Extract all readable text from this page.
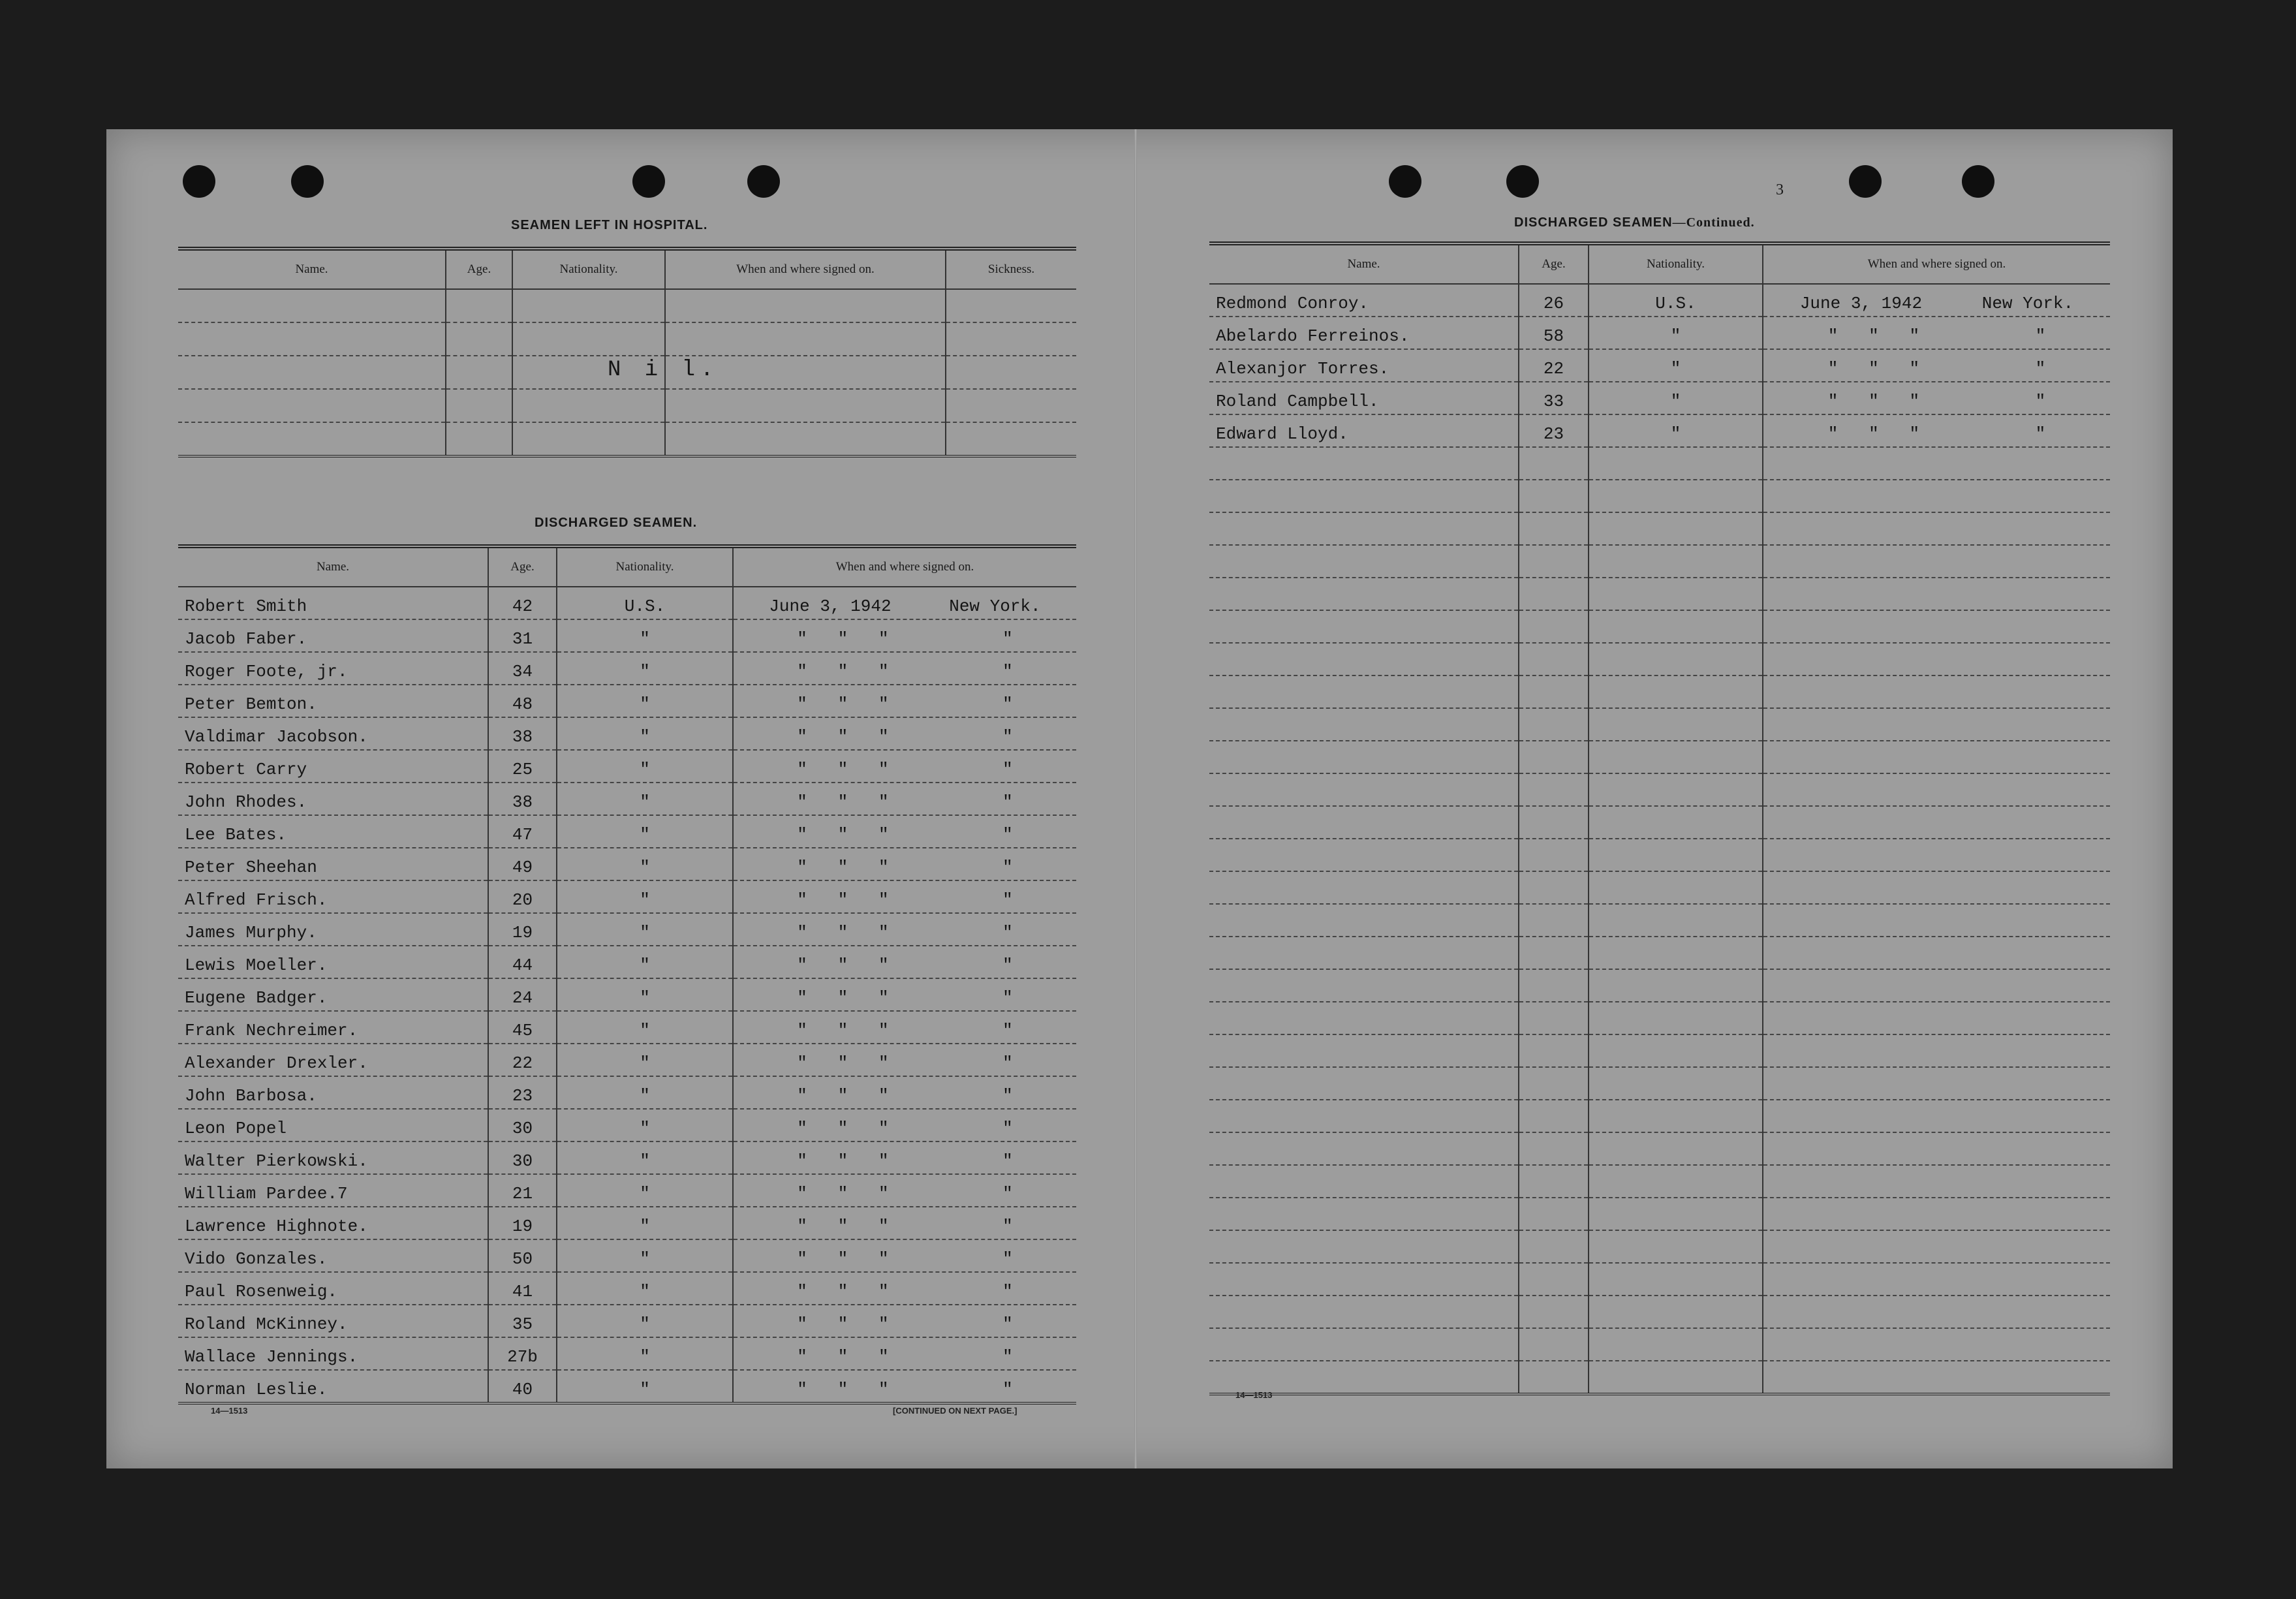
SEAMEN LEFT IN HOSPITAL.
Name.	Age.	Nationality.	When and where signed on.	Sickness.

N i l.
DISCHARGED SEAMEN.
Name.	Age.	Nationality.	When and where signed on.
Robert Smith	42	U.S.	June 3, 1942 New York.

Jacob Faber.	31	"	"   "   " "

Roger Foote, jr.	34	"	"   "   " "

Peter Bemton.	48	"	"   "   " "

Valdimar Jacobson.	38	"	"   "   " "

Robert Carry	25	"	"   "   " "

John Rhodes.	38	"	"   "   " "

Lee Bates.	47	"	"   "   " "

Peter Sheehan	49	"	"   "   " "

Alfred Frisch.	20	"	"   "   " "

James Murphy.	19	"	"   "   " "

Lewis Moeller.	44	"	"   "   " "

Eugene Badger.	24	"	"   "   " "

Frank Nechreimer.	45	"	"   "   " "

Alexander Drexler.	22	"	"   "   " "

John Barbosa.	23	"	"   "   " "

Leon Popel	30	"	"   "   " "

Walter Pierkowski.	30	"	"   "   " "

William Pardee.7	21	"	"   "   " "

Lawrence Highnote.	19	"	"   "   " "

Vido Gonzales.	50	"	"   "   " "

Paul Rosenweig.	41	"	"   "   " "

Roland McKinney.	35	"	"   "   " "

Wallace Jennings.	27b	"	"   "   " "

Norman Leslie.	40	"	"   "   " "
14—1513	[CONTINUED ON NEXT PAGE.]
3
DISCHARGED SEAMEN—Continued.
Name.	Age.	Nationality.	When and where signed on.
Redmond Conroy.	26	U.S.	June 3, 1942 New York.

Abelardo Ferreinos.	58	"	"   "   " "

Alexanjor Torres.	22	"	"   "   " "

Roland Campbell.	33	"	"   "   " "

Edward Lloyd.	23	"	"   "   " "

14—1513
